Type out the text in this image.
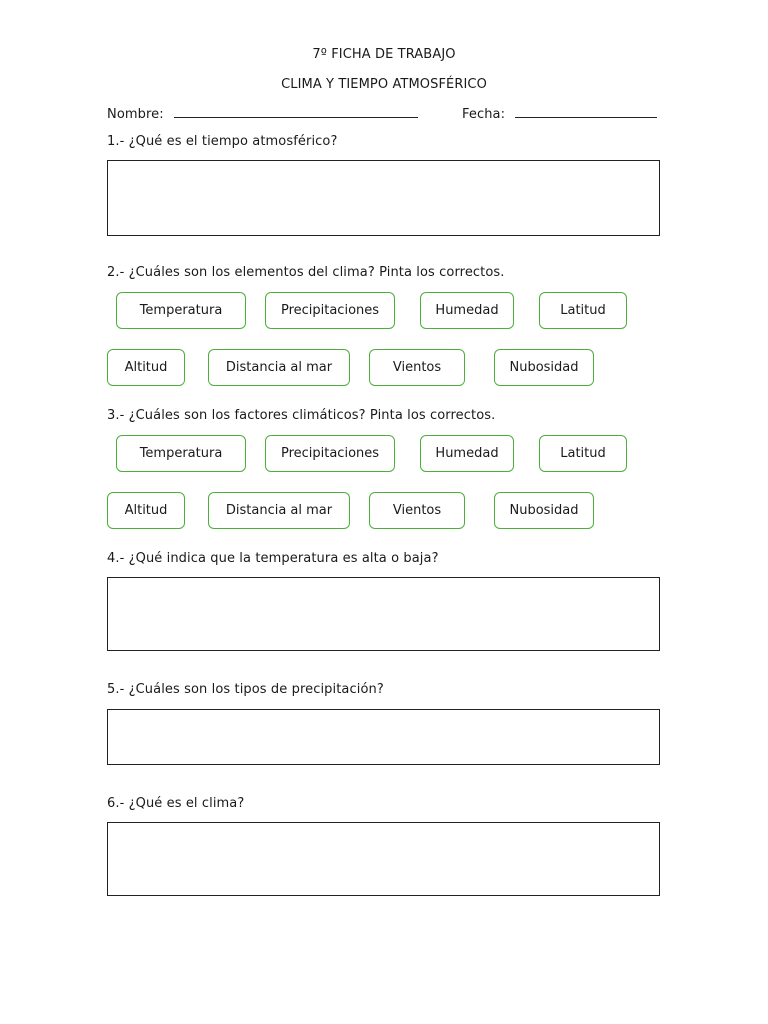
7º FICHA DE TRABAJO
CLIMA Y TIEMPO ATMOSFÉRICO
Nombre:	Fecha:
1.- ¿Qué es el tiempo atmosférico?
2.- ¿Cuáles son los elementos del clima? Pinta los correctos.
Temperatura	Precipitaciones	Humedad	Latitud
Altitud	Distancia al mar	Vientos	Nubosidad
3.- ¿Cuáles son los factores climáticos? Pinta los correctos.
Temperatura	Precipitaciones	Humedad	Latitud
Altitud	Distancia al mar	Vientos	Nubosidad
4.- ¿Qué indica que la temperatura es alta o baja?
5.- ¿Cuáles son los tipos de precipitación?
6.- ¿Qué es el clima?
